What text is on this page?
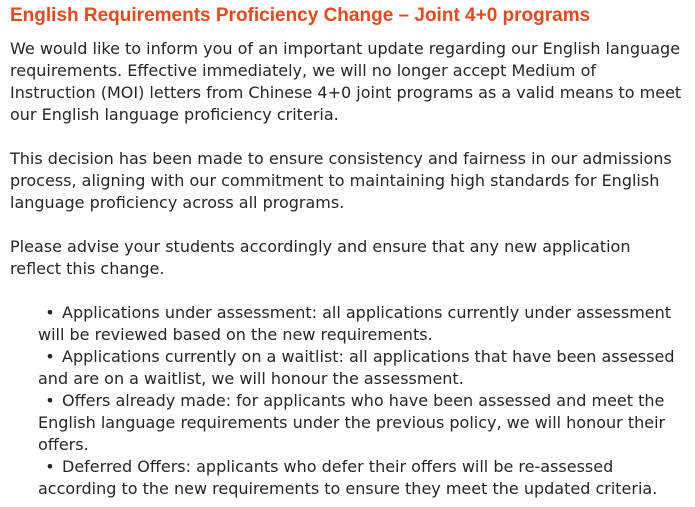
English Requirements Proficiency Change – Joint 4+0 programs

We would like to inform you of an important update regarding our English language requirements. Effective immediately, we will no longer accept Medium of Instruction (MOI) letters from Chinese 4+0 joint programs as a valid means to meet our English language proficiency criteria.

This decision has been made to ensure consistency and fairness in our admissions process, aligning with our commitment to maintaining high standards for English language proficiency across all programs.

Please advise your students accordingly and ensure that any new application reflect this change.

• Applications under assessment: all applications currently under assessment will be reviewed based on the new requirements.
• Applications currently on a waitlist: all applications that have been assessed and are on a waitlist, we will honour the assessment.
• Offers already made: for applicants who have been assessed and meet the English language requirements under the previous policy, we will honour their offers.
• Deferred Offers: applicants who defer their offers will be re-assessed according to the new requirements to ensure they meet the updated criteria.
